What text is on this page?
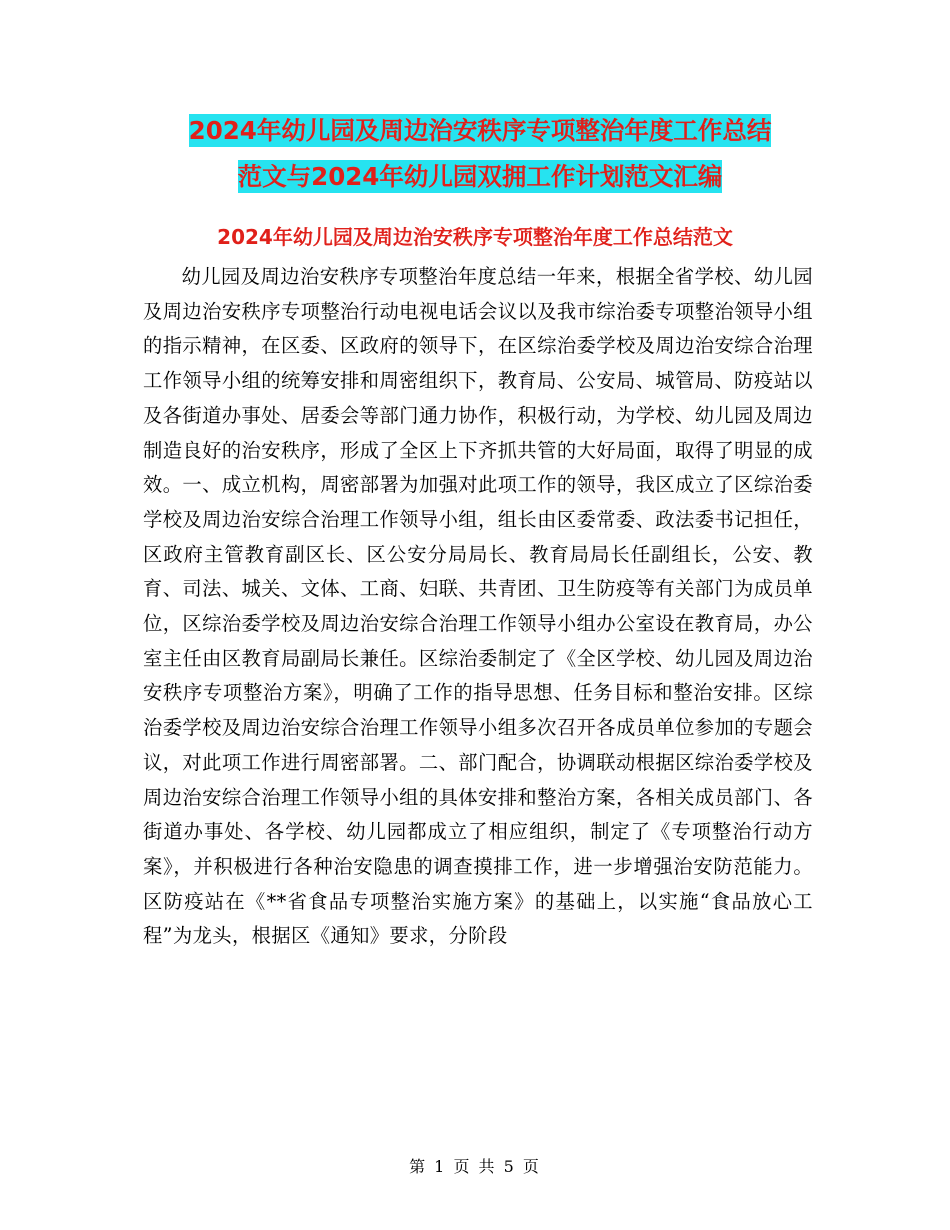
2024年幼儿园及周边治安秩序专项整治年度工作总结
范文与2024年幼儿园双拥工作计划范文汇编
2024年幼儿园及周边治安秩序专项整治年度工作总结范文

幼儿园及周边治安秩序专项整治年度总结一年来，根据全省学校、幼儿园及周边治安秩序专项整治行动电视电话会议以及我市综治委专项整治领导小组的指示精神，在区委、区政府的领导下，在区综治委学校及周边治安综合治理工作领导小组的统筹安排和周密组织下，教育局、公安局、城管局、防疫站以及各街道办事处、居委会等部门通力协作，积极行动，为学校、幼儿园及周边制造良好的治安秩序，形成了全区上下齐抓共管的大好局面，取得了明显的成效。一、成立机构，周密部署为加强对此项工作的领导，我区成立了区综治委学校及周边治安综合治理工作领导小组，组长由区委常委、政法委书记担任，区政府主管教育副区长、区公安分局局长、教育局局长任副组长，公安、教育、司法、城关、文体、工商、妇联、共青团、卫生防疫等有关部门为成员单位，区综治委学校及周边治安综合治理工作领导小组办公室设在教育局，办公室主任由区教育局副局长兼任。区综治委制定了《全区学校、幼儿园及周边治安秩序专项整治方案》，明确了工作的指导思想、任务目标和整治安排。区综治委学校及周边治安综合治理工作领导小组多次召开各成员单位参加的专题会议，对此项工作进行周密部署。二、部门配合，协调联动根据区综治委学校及周边治安综合治理工作领导小组的具体安排和整治方案，各相关成员部门、各街道办事处、各学校、幼儿园都成立了相应组织，制定了《专项整治行动方案》，并积极进行各种治安隐患的调查摸排工作，进一步增强治安防范能力。区防疫站在《**省食品专项整治实施方案》的基础上，以实施“食品放心工程”为龙头，根据区《通知》要求，分阶段

第 1 页 共 5 页
